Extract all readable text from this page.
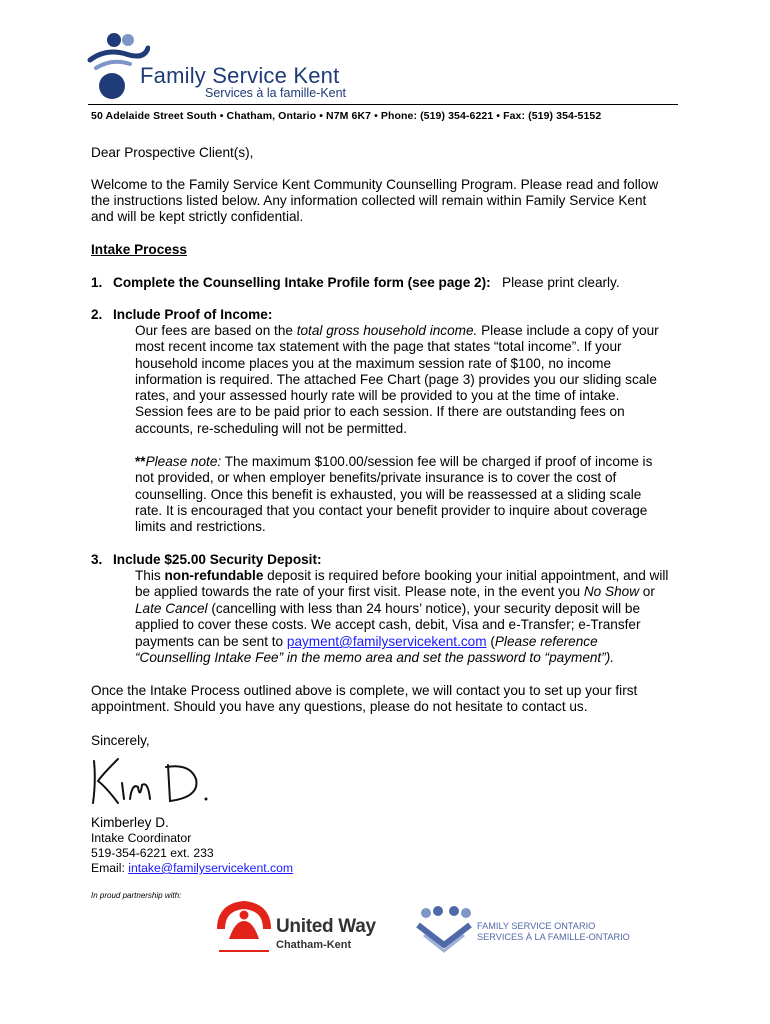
Family Service Kent
Services à la famille-Kent
50 Adelaide Street South • Chatham, Ontario • N7M 6K7 • Phone: (519) 354-6221 • Fax: (519) 354-5152
Dear Prospective Client(s),
Welcome to the Family Service Kent Community Counselling Program. Please read and follow
the instructions listed below. Any information collected will remain within Family Service Kent
and will be kept strictly confidential.
Intake Process
1. Complete the Counselling Intake Profile form (see page 2): Please print clearly.
2. Include Proof of Income:
Our fees are based on the total gross household income. Please include a copy of your
most recent income tax statement with the page that states “total income”. If your
household income places you at the maximum session rate of $100, no income
information is required. The attached Fee Chart (page 3) provides you our sliding scale
rates, and your assessed hourly rate will be provided to you at the time of intake.
Session fees are to be paid prior to each session. If there are outstanding fees on
accounts, re-scheduling will not be permitted.
**Please note: The maximum $100.00/session fee will be charged if proof of income is
not provided, or when employer benefits/private insurance is to cover the cost of
counselling. Once this benefit is exhausted, you will be reassessed at a sliding scale
rate. It is encouraged that you contact your benefit provider to inquire about coverage
limits and restrictions.
3. Include $25.00 Security Deposit:
This non-refundable deposit is required before booking your initial appointment, and will
be applied towards the rate of your first visit. Please note, in the event you No Show or
Late Cancel (cancelling with less than 24 hours’ notice), your security deposit will be
applied to cover these costs. We accept cash, debit, Visa and e-Transfer; e-Transfer
payments can be sent to payment@familyservicekent.com (Please reference
“Counselling Intake Fee” in the memo area and set the password to “payment”).
Once the Intake Process outlined above is complete, we will contact you to set up your first
appointment. Should you have any questions, please do not hesitate to contact us.
Sincerely,
Kimberley D.
Intake Coordinator
519-354-6221 ext. 233
Email: intake@familyservicekent.com
In proud partnership with:
United Way
Chatham-Kent
FAMILY SERVICE ONTARIO
SERVICES À LA FAMILLE-ONTARIO
